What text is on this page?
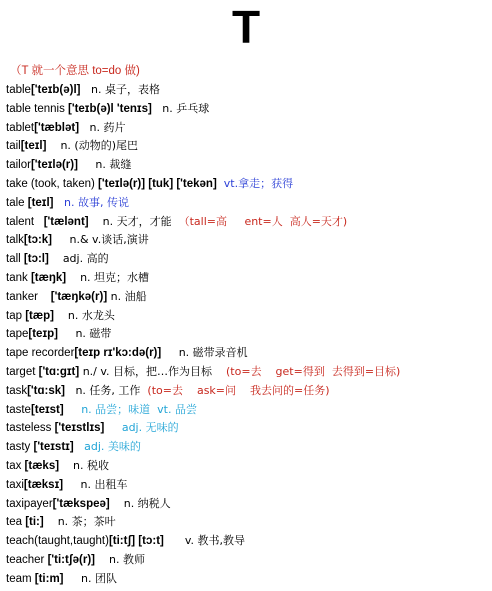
T
（T 就一个意思 to=do 做)
table['teɪb(ə)l]   n. 桌子，表格
table tennis ['teɪb(ə)l 'tenɪs]   n. 乒乓球
tablet['tæblət]   n. 药片
tail[teɪl]    n. (动物的)尾巴
tailor['teɪlə(r)]     n. 裁缝
take (took, taken) ['teɪlə(r)] [tuk] ['tekən] vt.拿走；获得
tale [teɪl] n. 故事, 传说
talent   ['tælənt]    n. 天才，才能  （tall=高     ent=人  高人=天才)
talk[tɔ:k]     n.& v.谈话,演讲
tall [tɔ:l]    adj. 高的
tank [tæŋk]    n. 坦克；水槽
tanker    ['tæŋkə(r)] n. 油船
tap [tæp]    n. 水龙头
tape[teɪp]     n. 磁带
tape recorder[teɪp rɪ'kɔ:də(r)]     n. 磁带录音机
target ['tɑ:gɪt] n./ v. 目标，把…作为目标    (to=去    get=得到  去得到=目标)
task['tɑ:sk]   n. 任务, 工作  (to=去    ask=问    我去问的=任务)
taste[teɪst] n. 品尝；味道  vt. 品尝
tasteless ['teɪstlɪs] adj. 无味的
tasty ['teɪstɪ] adj. 美味的
tax [tæks]    n. 税收
taxi[tæksɪ]     n. 出租车
taxipayer['tækspeə]    n. 纳税人
tea [ti:]    n. 茶；茶叶
teach(taught,taught)[ti:tʃ] [tɔ:t]      v. 教书,教导
teacher ['ti:tʃə(r)]    n. 教师
team [ti:m]     n. 团队
